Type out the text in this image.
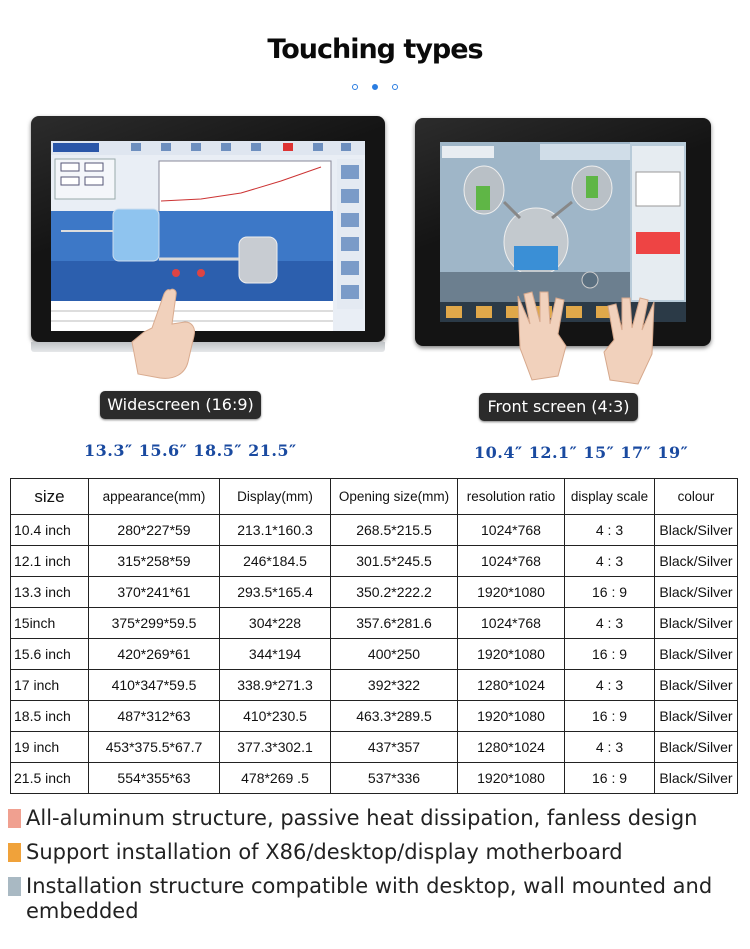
Touching types

Widescreen (16:9)	Front screen (4:3)
13.3″ 15.6″ 18.5″ 21.5″	10.4″ 12.1″ 15″ 17″ 19″
size	appearance(mm)	Display(mm)	Opening size(mm)	resolution ratio	display scale	colour
10.4 inch	280*227*59	213.1*160.3	268.5*215.5	1024*768	4 : 3	Black/Silver
12.1 inch	315*258*59	246*184.5	301.5*245.5	1024*768	4 : 3	Black/Silver
13.3 inch	370*241*61	293.5*165.4	350.2*222.2	1920*1080	16 : 9	Black/Silver
15inch	375*299*59.5	304*228	357.6*281.6	1024*768	4 : 3	Black/Silver
15.6 inch	420*269*61	344*194	400*250	1920*1080	16 : 9	Black/Silver
17 inch	410*347*59.5	338.9*271.3	392*322	1280*1024	4 : 3	Black/Silver
18.5 inch	487*312*63	410*230.5	463.3*289.5	1920*1080	16 : 9	Black/Silver
19 inch	453*375.5*67.7	377.3*302.1	437*357	1280*1024	4 : 3	Black/Silver
21.5 inch	554*355*63	478*269 .5	537*336	1920*1080	16 : 9	Black/Silver
All-aluminum structure, passive heat dissipation, fanless design
Support installation of X86/desktop/display motherboard
Installation structure compatible with desktop, wall mounted and embedded
